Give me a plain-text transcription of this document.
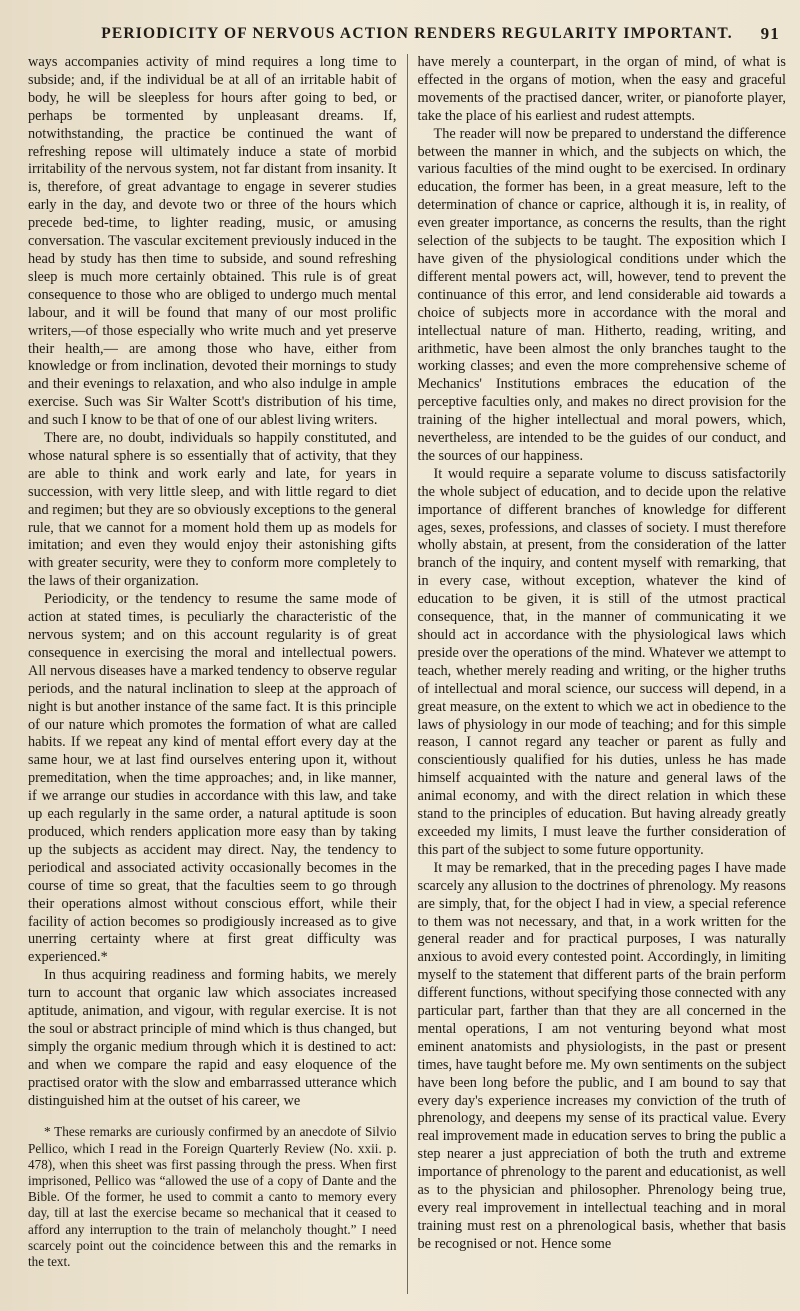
PERIODICITY OF NERVOUS ACTION RENDERS REGULARITY IMPORTANT. 91

ways accompanies activity of mind requires a long time to subside; and, if the individual be at all of an irritable habit of body, he will be sleepless for hours after going to bed, or perhaps be tormented by unpleasant dreams. If, notwithstanding, the practice be continued the want of refreshing repose will ultimately induce a state of morbid irritability of the nervous system, not far distant from insanity. It is, therefore, of great advantage to engage in severer studies early in the day, and devote two or three of the hours which precede bed-time, to lighter reading, music, or amusing conversation. The vascular excitement previously induced in the head by study has then time to subside, and sound refreshing sleep is much more certainly obtained. This rule is of great consequence to those who are obliged to undergo much mental labour, and it will be found that many of our most prolific writers,—of those especially who write much and yet preserve their health,— are among those who have, either from knowledge or from inclination, devoted their mornings to study and their evenings to relaxation, and who also indulge in ample exercise. Such was Sir Walter Scott's distribution of his time, and such I know to be that of one of our ablest living writers.

There are, no doubt, individuals so happily constituted, and whose natural sphere is so essentially that of activity, that they are able to think and work early and late, for years in succession, with very little sleep, and with little regard to diet and regimen; but they are so obviously exceptions to the general rule, that we cannot for a moment hold them up as models for imitation; and even they would enjoy their astonishing gifts with greater security, were they to conform more completely to the laws of their organization.

Periodicity, or the tendency to resume the same mode of action at stated times, is peculiarly the characteristic of the nervous system; and on this account regularity is of great consequence in exercising the moral and intellectual powers. All nervous diseases have a marked tendency to observe regular periods, and the natural inclination to sleep at the approach of night is but another instance of the same fact. It is this principle of our nature which promotes the formation of what are called habits. If we repeat any kind of mental effort every day at the same hour, we at last find ourselves entering upon it, without premeditation, when the time approaches; and, in like manner, if we arrange our studies in accordance with this law, and take up each regularly in the same order, a natural aptitude is soon produced, which renders application more easy than by taking up the subjects as accident may direct. Nay, the tendency to periodical and associated activity occasionally becomes in the course of time so great, that the faculties seem to go through their operations almost without conscious effort, while their facility of action becomes so prodigiously increased as to give unerring certainty where at first great difficulty was experienced.*

In thus acquiring readiness and forming habits, we merely turn to account that organic law which associates increased aptitude, animation, and vigour, with regular exercise. It is not the soul or abstract principle of mind which is thus changed, but simply the organic medium through which it is destined to act: and when we compare the rapid and easy eloquence of the practised orator with the slow and embarrassed utterance which distinguished him at the outset of his career, we

* These remarks are curiously confirmed by an anecdote of Silvio Pellico, which I read in the Foreign Quarterly Review (No. xxii. p. 478), when this sheet was first passing through the press. When first imprisoned, Pellico was “allowed the use of a copy of Dante and the Bible. Of the former, he used to commit a canto to memory every day, till at last the exercise became so mechanical that it ceased to afford any interruption to the train of melancholy thought.” I need scarcely point out the coincidence between this and the remarks in the text.

have merely a counterpart, in the organ of mind, of what is effected in the organs of motion, when the easy and graceful movements of the practised dancer, writer, or pianoforte player, take the place of his earliest and rudest attempts.

The reader will now be prepared to understand the difference between the manner in which, and the subjects on which, the various faculties of the mind ought to be exercised. In ordinary education, the former has been, in a great measure, left to the determination of chance or caprice, although it is, in reality, of even greater importance, as concerns the results, than the right selection of the subjects to be taught. The exposition which I have given of the physiological conditions under which the different mental powers act, will, however, tend to prevent the continuance of this error, and lend considerable aid towards a choice of subjects more in accordance with the moral and intellectual nature of man. Hitherto, reading, writing, and arithmetic, have been almost the only branches taught to the working classes; and even the more comprehensive scheme of Mechanics' Institutions embraces the education of the perceptive faculties only, and makes no direct provision for the training of the higher intellectual and moral powers, which, nevertheless, are intended to be the guides of our conduct, and the sources of our happiness.

It would require a separate volume to discuss satisfactorily the whole subject of education, and to decide upon the relative importance of different branches of knowledge for different ages, sexes, professions, and classes of society. I must therefore wholly abstain, at present, from the consideration of the latter branch of the inquiry, and content myself with remarking, that in every case, without exception, whatever the kind of education to be given, it is still of the utmost practical consequence, that, in the manner of communicating it we should act in accordance with the physiological laws which preside over the operations of the mind. Whatever we attempt to teach, whether merely reading and writing, or the higher truths of intellectual and moral science, our success will depend, in a great measure, on the extent to which we act in obedience to the laws of physiology in our mode of teaching; and for this simple reason, I cannot regard any teacher or parent as fully and conscientiously qualified for his duties, unless he has made himself acquainted with the nature and general laws of the animal economy, and with the direct relation in which these stand to the principles of education. But having already greatly exceeded my limits, I must leave the further consideration of this part of the subject to some future opportunity.

It may be remarked, that in the preceding pages I have made scarcely any allusion to the doctrines of phrenology. My reasons are simply, that, for the object I had in view, a special reference to them was not necessary, and that, in a work written for the general reader and for practical purposes, I was naturally anxious to avoid every contested point. Accordingly, in limiting myself to the statement that different parts of the brain perform different functions, without specifying those connected with any particular part, farther than that they are all concerned in the mental operations, I am not venturing beyond what most eminent anatomists and physiologists, in the past or present times, have taught before me. My own sentiments on the subject have been long before the public, and I am bound to say that every day's experience increases my conviction of the truth of phrenology, and deepens my sense of its practical value. Every real improvement made in education serves to bring the public a step nearer a just appreciation of both the truth and extreme importance of phrenology to the parent and educationist, as well as to the physician and philosopher. Phrenology being true, every real improvement in intellectual teaching and in moral training must rest on a phrenological basis, whether that basis be recognised or not. Hence some
